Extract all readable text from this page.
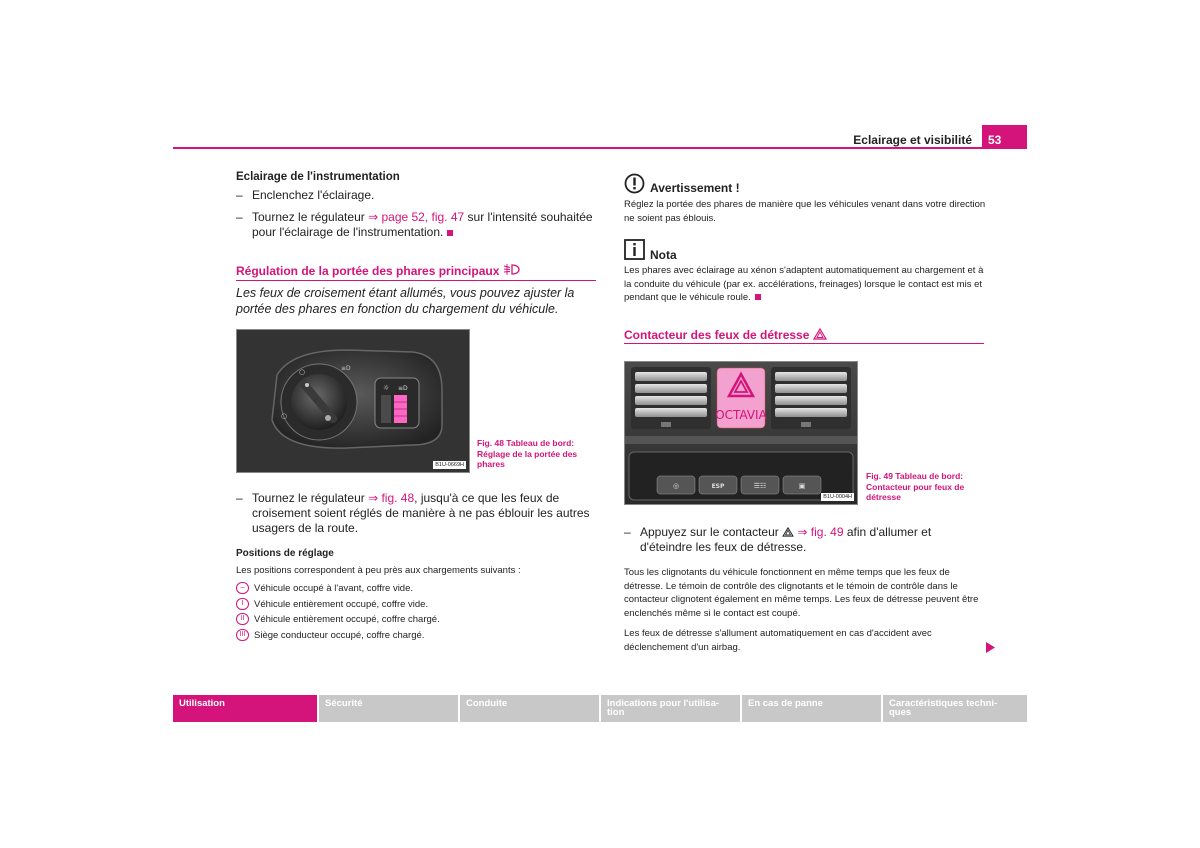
Eclairage et visibilité	53
Eclairage de l'instrumentation
– Enclenchez l'éclairage.
– Tournez le régulateur ⇒ page 52, fig. 47 sur l'intensité souhaitée pour l'éclairage de l'instrumentation.
Régulation de la portée des phares principaux
Les feux de croisement étant allumés, vous pouvez ajuster la portée des phares en fonction du chargement du véhicule.
○
○
≡D
☼ ≡D
B1U-0669H
Fig. 48 Tableau de bord: Réglage de la portée des phares
– Tournez le régulateur ⇒ fig. 48, jusqu'à ce que les feux de croisement soient réglés de manière à ne pas éblouir les autres usagers de la route.
Positions de réglage
Les positions correspondent à peu près aux chargements suivants :
– Véhicule occupé à l'avant, coffre vide.
I Véhicule entièrement occupé, coffre vide.
II Véhicule entièrement occupé, coffre chargé.
III Siège conducteur occupé, coffre chargé.
Avertissement !
Réglez la portée des phares de manière que les véhicules venant dans votre direction ne soient pas éblouis.
Nota
Les phares avec éclairage au xénon s'adaptent automatiquement au chargement et à la conduite du véhicule (par ex. accélérations, freinages) lorsque le contact est mis et pendant que le véhicule roule.
Contacteur des feux de détresse
OCTAVIA
◎	ESP	☰☷	▣
B1U-0004H
Fig. 49 Tableau de bord: Contacteur pour feux de détresse
– Appuyez sur le contacteur  ⇒ fig. 49 afin d'allumer et d'éteindre les feux de détresse.
Tous les clignotants du véhicule fonctionnent en même temps que les feux de détresse. Le témoin de contrôle des clignotants et le témoin de contrôle dans le contacteur clignotent également en même temps. Les feux de détresse peuvent être enclenchés même si le contact est coupé.
Les feux de détresse s'allument automatiquement en cas d'accident avec déclenchement d'un airbag.
Utilisation	Sécurité	Conduite	Indications pour l'utilisa-
tion
En cas de panne	Caractéristiques techni-
ques
